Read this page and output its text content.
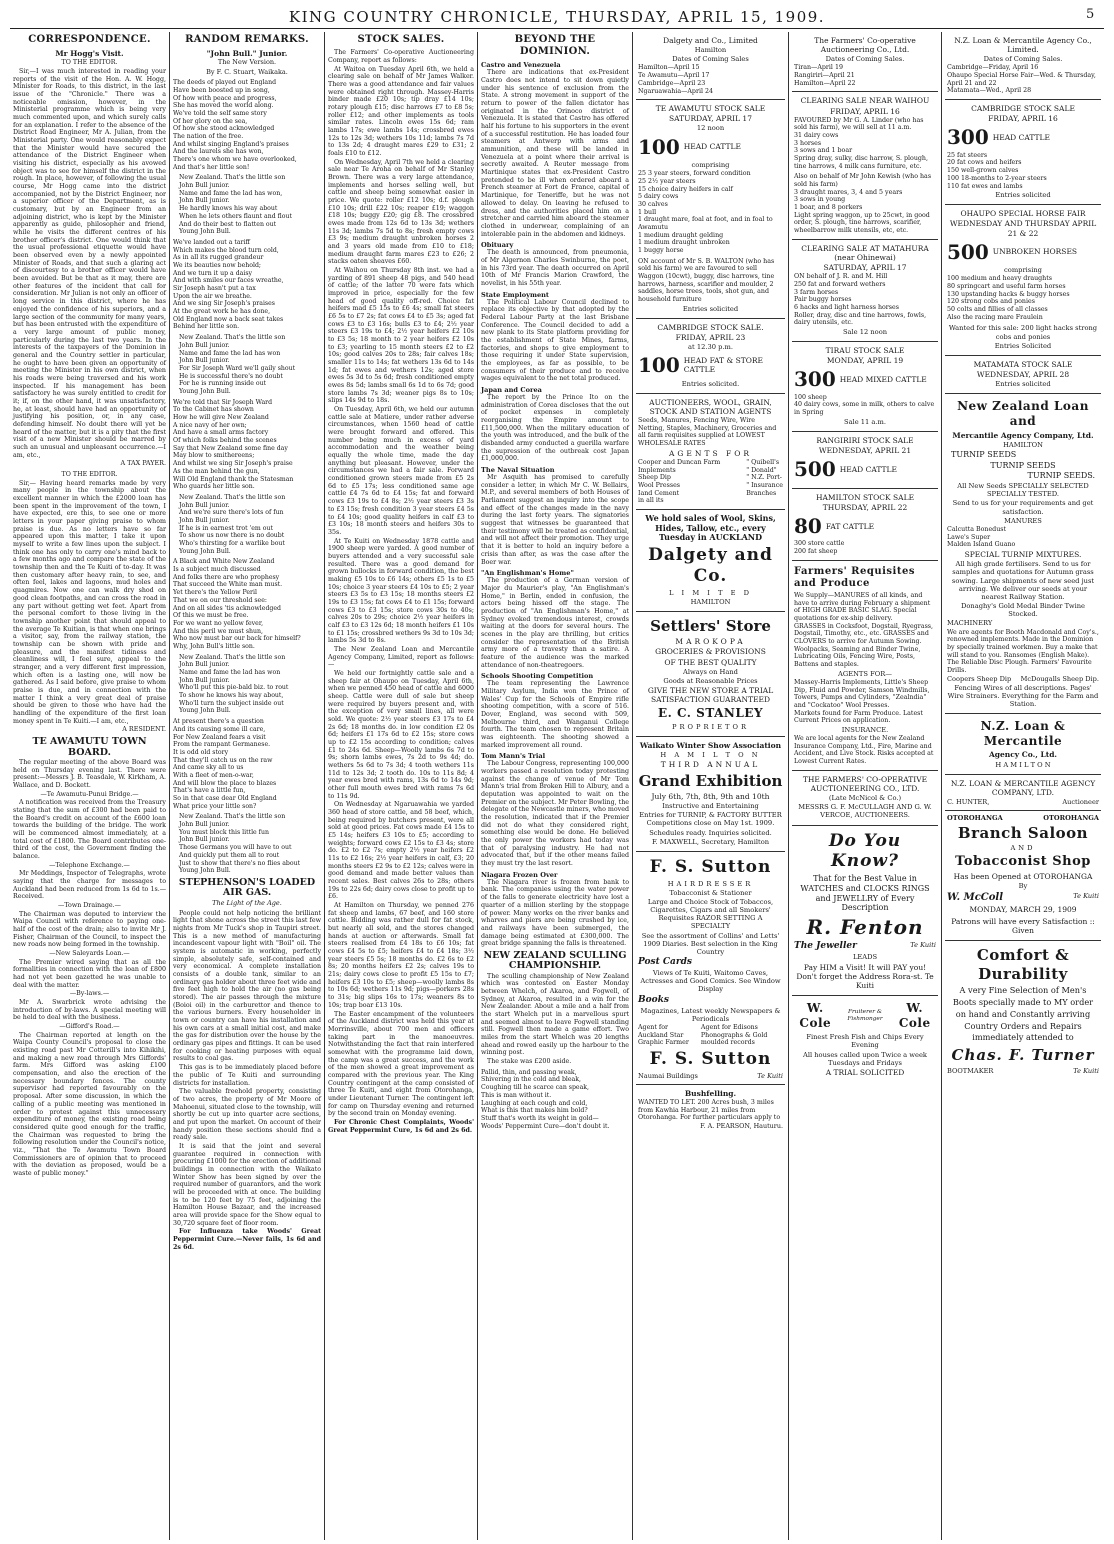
KING COUNTRY CHRONICLE, THURSDAY, APRIL 15, 1909.	5
CORRESPONDENCE.
Mr Hogg's Visit.
TO THE EDITOR.
Sir,—I was much interested in reading your reports of the visit of the Hon. A. W. Hogg, Minister for Roads, to this district, in the last issue of the "Chronicle." There was a noticeable omission, however, in the Ministerial programme which is being very much commented upon, and which surely calls for an explanation. I refer to the absence of the District Road Engineer, Mr A. Julian, from the Ministerial party. One would reasonably expect that the Minister would have secured the attendance of the District Engineer when visiting his district, especially as his avowed object was to see for himself the district in the rough. In place, however, of following the usual course, Mr Hogg came into the district accompanied, not by the District Engineer, nor a superior officer of the Department, as is customary, but by an Engineer from an adjoining district, who is kept by the Minister apparently as guide, philosopher and friend, while he visits the different centres of his brother officer's district. One would think that the usual professional etiquette would have been observed even by a newly appointed Minister of Roads, and that such a glaring act of discourtesy to a brother officer would have been avoided. But be that as it may, there are other features of the incident that call for consideration. Mr Julian is not only an officer of long service in this district, where he has enjoyed the confidence of his superiors, and a large section of the community for many years, but has been entrusted with the expenditure of a very large amount of public money, particularly during the last two years. In the interests of the taxpayers of the Dominion in general and the Country settler in particular, he ought to have been given an opportunity of meeting the Minister in his own district, when his roads were being traversed and his work inspected. If his management has been satisfactory he was surely entitled to credit for it; if, on the other hand, it was unsatisfactory, he, at least, should have had an opportunity of justifying his position, or, in any case, defending himself. No doubt there will yet be heard of the matter, but it is a pity that the first visit of a new Minister should be marred by such an unusual and unpleasant occurrence.—I am, etc.,
A TAX PAYER.
TO THE EDITOR.
Sir,— Having heard remarks made by very many people in the township about the excellent manner in which the £2000 loan has been spent in the improvement of the town, I have expected, ere this, to see one or more letters in your paper giving praise to whom praise is due. As no letters have so far appeared upon this matter, I take it upon myself to write a few lines upon the subject. I think one has only to carry one's mind back to a few months ago and compare the state of the township then and the Te Kuiti of to-day. It was then customary after heavy rain, to see, and often feel, lakes and lagoons, mud holes and quagmires. Now one can walk dry shod on good clean footpaths, and can cross the road in any part without getting wet feet. Apart from the personal comfort to those living in the township another point that should appeal to the average Te Kuitian, is that when one brings a visitor, say, from the railway station, the township can be shown with pride and pleasure, and the manifest tidiness and cleanliness will, I feel sure, appeal to the stranger, and a very different first impression, which often is a lasting one, will now be gathered. As I said before, give praise to whom praise is due, and in connection with the matter I think a very great deal of praise should be given to those who have had the handling of the expenditure of the first loan money spent in Te Kuiti.—I am, etc.,
A RESIDENT.
TE AWAMUTU TOWN BOARD.
The regular meeting of the above Board was held on Thursday evening last. There were present:—Messrs J. B. Teasdale, W. Kirkham, A. Wallace, and D. Bockett.
—Te Awamutu-Punui Bridge.—
A notification was received from the Treasury stating that the sum of £300 had been paid to the Board's credit on account of the £600 loan towards the building of the bridge. The work will be commenced almost immediately, at a total cost of £1800. The Board contributes one-third of the cost, the Government finding the balance.
—Telephone Exchange.—
Mr Meddings, Inspector of Telegraphs, wrote saying that the charge for messages to Auckland had been reduced from 1s 6d to 1s.—Received.
—Town Drainage.—
The Chairman was deputed to interview the Waipa Council with reference to paying one-half of the cost of the drain; also to invite Mr J. Fisher, Chairman of the Council, to inspect the new roads now being formed in the township.
—New Saleyards Loan.—
The Premier wired saying that as all the formalities in connection with the loan of £800 had not yet been gazetted he was unable to deal with the matter.
—By-laws.—
Mr A. Swarbrick wrote advising the introduction of by-laws. A special meeting will be held to deal with the business.
—Gifford's Road.—
The Chairman reported at length on the Waipa County Council's proposal to close the existing road past Mr Cotterill's into Kihikihi, and making a new road through Mrs Giffords' farm. Mrs Gifford was asking £100 compensation, and also the erection of the necessary boundary fences. The county supervisor had reported favourably on the proposal. After some discussion, in which the calling of a public meeting was mentioned in order to protest against this unnecessary expenditure of money, the existing road being considered quite good enough for the traffic, the Chairman was requested to bring the following resolution under the Council's notice, viz., "That the Te Awamutu Town Board Commissioners are of opinion that to proceed with the deviation as proposed, would be a waste of public money."
RANDOM REMARKS.
"John Bull." Junior.
The New Version.
By F. C. Stuart, Waikaka.
The deeds of played out England
Have been boosted up in song,
Of how with peace and progress,
She has moved the world along.
We've told the self same story
Of her glory on the sea,
Of how she stood acknowledged
The nation of the free.
And whilst singing England's praises
And the laurels she has won,
There's one whom we have overlooked,
And that's her little son!
New Zealand. That's the little son
John Bull junior.
Name and fame the lad has won,
John Bull junior.
He hardly knows his way about
When he lets others flaunt and flout
And do their best to flatten out
Young John Bull.
We've landed out a tariff
Which makes the blood turn cold,
As in all its rugged grandeur
We its beauties now behold;
And we turn it up a daisy
And with smiles our faces wreathe,
Sir Joseph hasn't put a tax
Upon the air we breathe.
And we sing Sir Joseph's praises
At the great work he has done,
Old England now a back seat takes
Behind her little son.
New Zealand. That's the little son
John Bull junior.
Name and fame the lad has won
John Bull junior.
For Sir Joseph Ward we'll gaily shout
He is successful there's no doubt
For he is running inside out
Young John Bull.
We're told that Sir Joseph Ward
To the Cabinet has shown
How he will give New Zealand
A nice navy of her own;
And have a small arms factory
Of which folks behind the scenes
Say that New Zealand some fine day
May blow to smithereens;
And whilst we sing Sir Joseph's praise
As the man behind the gun,
Will Old England thank the Statesman
Who guards her little son.
New Zealand. That's the little son
John Bull junior.
And we're sure there's lots of fun
John Bull junior.
If he is in earnest trot 'em out
To show us now there is no doubt
Who's thirsting for a warlike bout
Young John Bull.
A Black and White New Zealand
Is a subject much discussed
And folks there are who prophesy
That succeed the White man must.
Yet there's the Yellow Peril
That we on our threshold see:
And on all sides 'tis acknowledged
Of this we must be free.
For we want no yellow fever,
And this peril we must shun,
Who now must bar our back for himself?
Why, John Bull's little son.
New Zealand. That's the little son
John Bull junior.
Name and fame the lad has won
John Bull junior.
Who'll put this pie-bald biz. to rout
To show he knows his way about,
Who'll turn the subject inside out
Young John Bull.
At present there's a question
And its causing some ill care,
For New Zealand fears a visit
From the rampant Germanese.
It is odd old story
That they'll catch us on the raw
And came sky all to us
With a fleet of men-o-war,
And will blow the place to blazes
That's have a little fun,
So in that case dear Old England
What price your little son?
New Zealand. That's the little son
John Bull junior.
You must block this little fun
John Bull junior.
Those Germans you will have to out
And quickly put them all to rout
Just to show that there's no flies about
Young John Bull.
STEPHENSON'S LOADED AIR GAS.
The Light of the Age.
People could not help noticing the brilliant light that shone across the street this last few nights from Mr Tuck's shop in Taupiri street. This is a new method of manufacturing incandescent vapour light with "Boil" oil. The system is automatic in working, perfectly simple, absolutely safe, self-contained and very economical. A complete installation consists of a double tank, similar to an ordinary gas holder about three feet wide and five feet high to hold the air (no gas being stored). The air passes through the mixture (Boioi oil) in the carburettor and thence to the various burners. Every householder in town or country can have his installation and his own cars at a small initial cost, and make the gas for distribution over the house by the ordinary gas pipes and fittings. It can be used for cooking or heating purposes with equal results to coal gas.
This gas is to be immediately placed before the public of Te Kuiti and surrounding districts for installation.
The valuable freehold property, consisting of two acres, the property of Mr Moore of Mahoenui, situated close to the township, will shortly be cut up into quarter acre sections, and put upon the market. On account of their handy position these sections should find a ready sale.
It is said that the joint and several guarantee required in connection with procuring £1000 for the erection of additional buildings in connection with the Waikato Winter Show has been signed by over the required number of guarantors, and the work will be proceeded with at once. The building is to be 120 feet by 75 feet, adjoining the Hamilton House Bazaar, and the increased area will provide space for the Show equal to 30,720 square feet of floor room.
For Influenza take Woods' Great Peppermint Cure.—Never fails, 1s 6d and 2s 6d.
STOCK SALES.
The Farmers' Co-operative Auctioneering Company, report as follows:
At Waitoa on Tuesday April 6th, we held a clearing sale on behalf of Mr James Walker. There was a good attendance and fair values were obtained right through. Massey-Harris binder made £20 10s; tip dray £14 10s; rotary plough £15; disc harrows £7 to £8 5s; roller £12; and other implements as tools similar rates. Lincoln ewes 15s 6d; ram lambs 17s; ewe lambs 14s; crossbred ewes 12s to 12s 3d; wethers 10s 11d; lambs 7s 7d to 13s 2d; 4 draught mares £29 to £31; 2 foals £10 to £12.
On Wednesday, April 7th we held a clearing sale near Te Aroha on behalf of Mr Stanley Brown. There was a very large attendance, implements and horses selling well, but cattle and sheep being somewhat easier in price. We quote: roller £12 10s; d.f. plough £10 10s; drill £22 10s; reaper £19; waggon £18 10s; buggy £20; gig £8. The crossbred ewes made from 12s 6d to 13s 3d; wethers 11s 3d; lambs 7s 5d to 8s; fresh empty cows £3 9s; medium draught unbroken horses 2 and 3 years old made from £10 to £18; medium draught farm mares £23 to £26; 2 stacks oaten sheaves £60.
At Waihou on Thursday 8th inst. we had a yarding of 891 sheep 48 pigs, and 540 head of cattle; of the latter 70 were fats which improved in price, especially for the few head of good quality off-red. Choice fat heifers mad £5 15s to £6 4s; small fat steers £6 5s to £7 2s; fat cows £4 to £5 3s; aged fat cows £3 to £3 16s; bulls £3 to £4; 2½ year steers £3 19s to £4; 2½ year heifers £2 10s to £3 5s; 18 month to 2 year heifers £2 10s to £3; yearling to 15 month steers £2 to £2 10s; good calves 20s to 28s; fair calves 18s; smaller 11s to 14s; fat wethers 13s 6d to 14s 1d; fat ewes and wethers 12s; aged store ewes 5s 3d to 5s 6d; fresh conditioned empty ewes 8s 5d; lambs small 6s 1d to 6s 7d; good store lambs 7s 3d; weaner pigs 8s to 10s; slips 14s 9d to 18s.
On Tuesday, April 6th, we held our autumn cattle sale at Matiere, under rather adverse circumstances, when 1560 head of cattle were brought forward and offered. This number being much in excess of yard accommodation and the weather being equally the whole time, made the day anything but pleasant. However, under the circumstances we had a fair sale. Forward conditioned grown steers made from £5 2s 6d to £5 17s; less conditioned same age cattle £4 7s 6d to £4 15s; fat and forward cows £3 19s to £4 8s; 2½ year steers £3 3s to £3 15s; fresh condition 3 year steers £4 5s to £4 10s; good quality heifers in calf £3 to £3 10s; 18 month steers and heifers 30s to 35s.
At Te Kuiti on Wednesday 1878 cattle and 1900 sheep were yarded. A good number of buyers attended and a very successful sale resulted. There was a good demand for grown bullocks in forward condition, the best making £5 10s to £6 14s; others £5 1s to £5 10s; choice 3 year steers £4 10s to £5; 2 year steers £3 5s to £3 15s; 18 months steers £2 19s to £3 15s; fat cows £4 to £1 15s; forward cows £3 to £3 15s; store cows 30s to 40s; calves 20s to 29s; choice 2½ year heifers in calf £3 to £3 12s 6d; 18 month heifers £1 10s to £1 15s; crossbred wethers 9s 3d to 10s 3d; lambs 5s 3d to 8s.
The New Zealand Loan and Mercantile Agency Company, Limited, report as follows:—
We held our fortnightly cattle sale and a sheep fair at Ohaupo on Tuesday, April 6th, when we penned 450 head of cattle and 6000 sheep. Cattle were dull of sale but sheep were required by buyers present and, with the exception of very small lines, all were sold. We quote: 2½ year steers £3 17s to £4 2s 6d; 18 months do. in low condition £2 0s 6d; heifers £1 17s 6d to £2 15s; store cows up to £2 15s according to condition; calves £1 to 24s 6d. Sheep—Woolly lambs 6s 7d to 9s; shorn lambs ewes, 7s 2d to 9s 4d; do. wethers 5s 6d to 7s 3d; 4 tooth wethers 11s 11d to 12s 3d; 2 tooth do. 10s to 11s 8d; 4 year ewes bred with rams, 13s 6d to 14s 9d; other full mouth ewes bred with rams 7s 6d to 11s 9d.
On Wednesday at Ngaruawahia we yarded 360 head of store cattle, and 58 beef, which, being required by butchers present, were all sold at good prices. Fat cows made £4 15s to £5 14s; heifers £3 10s to £5; according to weights; forward cows £2 15s to £3 4s; store do. £2 to £2 7s; empty 2½ year heifers £2 11s to £2 16s; 2½ year heifers in calf, £3; 20 months steers £2 9s to £2 12s; calves were in good demand and made better values than recent sales. Best calves 26s to 28s; others 19s to 22s 6d; dairy cows close to profit up to £6.
At Hamilton on Thursday, we penned 276 fat sheep and lambs, 67 beef, and 160 store cattle. Bidding was rather dull for fat stock, but nearly all sold, and the stores changed hands at auction or afterwards. Small fat steers realised from £4 18s to £6 10s; fat cows £4 5s to £5; heifers £4 to £4 18s; 3½ year steers £5 5s; 18 months do. £2 6s to £2 8s; 20 months heifers £2 2s; calves 19s to 21s; dairy cows close to profit £5 15s to £7; heifers £3 10s to £5; sheep—woolly lambs 8s to 10s 6d; wethers 11s 9d; pigs—porkers 28s to 31s; big slips 16s to 17s; weaners 8s to 10s; trap boar £13 10s.
The Easter encampment of the volunteers of the Auckland district was held this year at Morrinsville, about 700 men and officers taking part in the manoeuvres. Notwithstanding the fact that rain interfered somewhat with the programme laid down, the camp was a great success, and the work of the men showed a great improvement as compared with the previous year. The King Country contingent at the camp consisted of three Te Kuiti, and eight from Otorohanga, under Lieutenant Turner. The contingent left for camp on Thursday evening and returned by the second train on Monday evening.
For Chronic Chest Complaints, Woods' Great Peppermint Cure, 1s 6d and 2s 6d.
BEYOND THE DOMINION.
Castro and Venezuela
There are indications that ex-President Castro does not intend to sit down quietly under his sentence of exclusion from the State. A strong movement in support of the return to power of the fallen dictator has originated in the Orinoco district of Venezuela. It is stated that Castro has offered half his fortune to his supporters in the event of a successful restitution. He has loaded four steamers at Antwerp with arms and ammunition, and these will be landed in Venezuela at a point where their arrival is secretly awaited. A Reuter message from Martinique states that ex-President Castro pretended to be ill when ordered aboard a French steamer at Fort de France, capital of Martinique, for Teneriffe, but he was not allowed to delay. On leaving he refused to dress, and the authorities placed him on a stretcher and carried him aboard the steamer clothed in underwear, complaining of an intolerable pain in the abdomen and kidneys.
Obituary
The death is announced, from pneumonia, of Mr Algernon Charles Swinburne, the poet, in his 73rd year. The death occurred on April 10th of Mr Francis Marion Crawford, the novelist, in his 55th year.
State Employment
The Political Labour Council declined to replace its objective by that adopted by the Federal Labour Party at the last Brisbane Conference. The Council decided to add a new plank to its State platform providing for the establishment of State Mines, farms, factories, and shops to give employment to those requiring it under State supervision, the employees, as far as possible, to be consumers of their produce and to receive wages equivalent to the net total produced.
Japan and Corea
The report by the Prince Ito on the administration of Corea discloses that the out of pocket expenses in completely reorganising the Empire amount to £11,500,000. When the military education of the youth was introduced, and the bulk of the disbanded army conducted a guerilla warfare the supression of the outbreak cost Japan £1,000,000.
The Naval Situation
Mr Asquith has promised to carefully consider a letter, in which Mr C. W. Bellairs, M.P., and several members of both Houses of Parliament suggest an inquiry into the scope and effect of the changes made in the navy during the last forty years. The signatories suggest that witnesses be guaranteed that their testimony will be treated as confidential, and will not affect their promotion. They urge that it is better to hold an inquiry before a crisis than after, as was the case after the Boer war.
"An Englishman's Home"
The production of a German version of Major du Maurier's play, "An Englishman's Home," in Berlin, ended in confusion, the actors being hissed off the stage. The production of "An Englishman's Home," at Sydney evoked tremendous interest, crowds waiting at the doors for several hours. The scenes in the play are thrilling, but critics consider the representation of the British army more of a travesty than a satire. A feature of the audience was the marked attendance of non-theatregoers.
Schools Shooting Competition
The team representing the Lawrence Military Asylum, India won the Prince of Wales' Cup for the Schools of Empire rifle shooting competition, with a score of 516. Dover, England, was second with 509, Melbourne third, and Wanganui College fourth. The team chosen to represent Britain was eighteenth. The shooting showed a marked improvement all round.
Tom Mann's Trial
The Labour Congress, representing 100,000 workers passed a resolution today protesting against the change of venue of Mr Tom Mann's trial from Broken Hill to Albury, and a deputation was appointed to wait on the Premier on the subject. Mr Peter Bowling, the delegate of the Newcastle miners, who moved the resolution, indicated that if the Premier did not do what they considered right, something else would be done. He believed the only power the workers had today was that of paralysing industry. He had not advocated that, but if the other means failed they must try the last resort.
Niagara Frozen Over
The Niagara river is frozen from bank to bank. The companies using the water power of the falls to generate electricity have lost a quarter of a million sterling by the stoppage of power. Many works on the river banks and wharves and piers are being crushed by ice, and railways have been submerged, the damage being estimated at £300,000. The great bridge spanning the falls is threatened.
NEW ZEALAND SCULLING CHAMPIONSHIP.
The sculling championship of New Zealand which was contested on Easter Monday between Whelch, of Akaroa, and Fogwell, of Sydney, at Akaroa, resulted in a win for the New Zealander. About a mile and a half from the start Whelch put in a marvellous spurt and seemed almost to leave Fogwell standing still. Fogwell then made a game effort. Two miles from the start Whelch was 20 lengths ahead and rowed easily up the harbour to the winning post.
The stake was £200 aside.
Pallid, thin, and passing weak,
Shivering in the cold and bleak,
Coughing till he scarce can speak,
This is man without it.
Laughing at each cough and cold,
What is this that makes him bold?
Stuff that's worth its weight in gold—
Woods' Peppermint Cure—don't doubt it.
Dalgety and Co., Limited
Hamilton
Dates of Coming Sales
Hamilton—April 15
Te Awamutu—April 17
Cambridge—April 23
Ngaruawahia—April 24
TE AWAMUTU STOCK SALE
SATURDAY, APRIL 17
12 noon
100 HEAD CATTLE
comprising
25 3 year steers, forward condition
25 2½ year steers
15 choice dairy heifers in calf
5 dairy cows
30 calves
1 bull
1 draught mare, foal at foot, and in foal to Awamutu
1 medium draught gelding
1 medium draught unbroken
1 buggy horse
ON account of Mr S. B. WALTON (who has sold his farm) we are favoured to sell
Waggon (10cwt), buggy, disc harrows, tine harrows, harness, scarifier and moulder, 2 saddles, horse trees, tools, shot gun, and household furniture
Entries solicited
CAMBRIDGE STOCK SALE.
FRIDAY, APRIL 23
at 12.30 p.m.
100 HEAD FAT & STORE CATTLE
Entries solicited.
AUCTIONEERS, WOOL, GRAIN, STOCK AND STATION AGENTS
Seeds, Manures, Fencing Wire, Wire Netting, Staples, Machinery, Groceries and all farm requisites supplied at LOWEST WHOLESALE RATES
AGENTS FOR
Cooper and Duncan Farm
Implements
Sheep Dip
Wool Presses
Iand Cement
in all its
" Quibell's
" Donald"
" N.Z. Port-
" Insurance
Branches
We hold sales of Wool, Skins, Hides, Tallow, etc., every Tuesday in AUCKLAND
Dalgety and Co.
L I M I T E D
HAMILTON
Settlers' Store
MAROKOPA
GROCERIES & PROVISIONS
OF THE BEST QUALITY
Always on Hand
Goods at Reasonable Prices
GIVE THE NEW STORE A TRIAL SATISFACTION GUARANTEED
E. C. STANLEY
PROPRIETOR
Waikato Winter Show Association
H A M I L T O N
THIRD ANNUAL
Grand Exhibition
July 6th, 7th, 8th, 9th and 10th
Instructive and Entertaining
Entries for TURNIP, & FACTORY BUTTER Competitions close on May 1st. 1909.
Schedules ready. Inquiries solicited.
F. MAXWELL, Secretary, Hamilton
F. S. Sutton
HAIRDRESSER
Tobacconist & Stationer
Large and Choice Stock of Tobaccos, Cigarettes, Cigars and all Smokers' Requisites RAZOR SETTING A SPECIALTY
See the assortment of Collins' and Letts' 1909 Diaries. Best selection in the King Country
Post Cards
Views of Te Kuiti, Waitomo Caves, Actresses and Good Comics. See Window Display
Books
Magazines, Latest weekly Newspapers & Periodicals
Agent for Auckland Star Graphic Farmer
Agent for Edisons Phonographs & Gold moulded records
F. S. Sutton
Naumai Buildings	Te Kuiti
Bushfelling.
WANTED TO LET. 200 Acres bush, 3 miles from Kawhia Harbour, 21 miles from Otorohanga. For further particulars apply to
F. A. PEARSON, Hauturu.
The Farmers' Co-operative Auctioneering Co., Ltd.
Dates of Coming Sales.
Tiran—April 19
Rangiriri—April 21
Hamilton—April 22
CLEARING SALE NEAR WAIHOU
FRIDAY, APRIL 16
FAVOURED by Mr G. A. Linder (who has sold his farm), we will sell at 11 a.m.
31 dairy cows
3 horses
3 sows and 1 boar
Spring dray, sulky, disc harrow, S. plough, tine harrows, 4 milk cans furniture, etc.
Also on behalf of Mr John Kewish (who has sold his farm)
3 draught mares, 3, 4 and 5 years
3 sows in young
1 boar, and 8 porkers
Light spring waggon, up to 25cwt, in good order, S. plough, tine harrows, scarifier, wheelbarrow milk utensils, etc, etc.
CLEARING SALE AT MATAHURA (near Ohinewai)
SATURDAY, APRIL 17
ON behalf of J. R. and M. Hill
250 fat and forward wethers
3 farm horses
Pair buggy horses
6 hacks and light harness horses
Roller, dray, disc and tine harrows, fowls, dairy utensils, etc.
Sale 12 noon
TIRAU STOCK SALE
MONDAY, APRIL 19
300 HEAD MIXED CATTLE
100 sheep
40 dairy cows, some in milk, others to calve in Spring
Sale 11 a.m.
RANGIRIRI STOCK SALE
WEDNESDAY, APRIL 21
500 HEAD CATTLE
HAMILTON STOCK SALE
THURSDAY, APRIL 22
80 FAT CATTLE
300 store cattle
200 fat sheep
Farmers' Requisites and Produce
We Supply—MANURES of all kinds, and have to arrive during February a shipment of HIGH GRADE BASIC SLAG. Special quotations for ex-ship delivery.
GRASSES in Cocksfoot, Dogstail, Ryegrass, Dogstail, Timothy, etc., etc. GRASSES and CLOVERS to arrive for Autumn Sowing.
Woolpacks, Seaming and Binder Twine, Lubricating Oils, Fencing Wire, Posts, Battens and staples.
AGENTS FOR—
Massey-Harris Implements, Little's Sheep Dip, Fluid and Powder, Samson Windmills, Towers, Pumps and Cylinders, "Zealndia" and "Cockatoo" Wool Presses.
Markets found for Farm Produce. Latest Current Prices on application.
INSURANCE.
We are local agents for the New Zealand Insurance Company, Ltd., Fire, Marine and Accident, and Live Stock. Risks accepted at Lowest Current Rates.
THE FARMERS' CO-OPERATIVE AUCTIONEERING CO., LTD.
(Late McNicol & Co.)
MESSRS G. F. McCULLAGH AND G. W. VERCOE, AUCTIONEERS.
Do You Know?
That for the Best Value in WATCHES and CLOCKS RINGS and JEWELLRY of Every Description
R. Fenton
The Jeweller	Te Kuiti
LEADS
Pay HIM a Visit! It will PAY you! Don't forget the Address Rora-st. Te Kuiti
W. Cole
Fruiterer & Fishmonger
W. Cole
Finest Fresh Fish and Chips Every Evening
All houses called upon Twice a week Tuesdays and Fridays
A TRIAL SOLICITED
N.Z. Loan & Mercantile Agency Co., Limited.
Dates of Coming Sales.
Cambridge—Friday, April 16
Ohaupo Special Horse Fair—Wed. & Thursday, April 21 and 22
Matamata—Wed., April 28
CAMBRIDGE STOCK SALE
FRIDAY, APRIL 16
300 HEAD CATTLE
25 fat steers
20 fat cows and heifers
150 well-grown calves
100 18-months to 2-year steers
110 fat ewes and lambs
Entries solicited
OHAUPO SPECIAL HORSE FAIR
WEDNESDAY AND THURSDAY APRIL 21 & 22
500 UNBROKEN HORSES
comprising
100 medium and heavy draughts
80 springcart and useful farm horses
130 upstanding hacks & buggy horses
120 strong cobs and ponies
50 colts and fillies of all classes
Also the racing mare Fraulein
Wanted for this sale: 200 light hacks strong cobs and ponies
Entries Solicited
MATAMATA STOCK SALE
WEDNESDAY, APRIL 28
Entries solicited
New Zealand Loan and
Mercantile Agency Company, Ltd.
HAMILTON
TURNIP SEEDS
TURNIP SEEDS
TURNIP SEEDS.
All New Seeds SPECIALLY SELECTED SPECIALLY TESTED.
Send to us for your requirements and get satisfaction.
MANURES
Calcutta Bonedust
Lawe's Super
Malden Island Guano
SPECIAL TURNIP MIXTURES.
All high grade fertilisers. Send to us for samples and quotations for Autumn grass sowing. Large shipments of new seed just arriving. We deliver our seeds at your nearest Railway Station.
Donaghy's Gold Medal Binder Twine Stocked.
MACHINERY
We are agents for Booth Macdonald and Coy's., renowned implements. Made in the Dominion by specially trained workmen. Buy a make that will stand to you. Ransomes (English Make). The Reliable Disc Plough. Farmers' Favourite Drills.
Coopers Sheep Dip McDougalls Sheep Dip.
Fencing Wires of all descriptions. Pages' Wire Strainers. Everything for the Farm and Station.
N.Z. Loan & Mercantile
Agency Co., Ltd.
H A M I L T O N
N.Z. LOAN & MERCANTILE AGENCY COMPANY, LTD.
C. HUNTER,	Auctioneer
OTOROHANGA	OTOROHANGA
Branch Saloon
AND
Tobacconist Shop
Has been Opened at OTOROHANGA
By
W. McColl	Te Kuiti
MONDAY, MARCH 29, 1909
Patrons will have every Satisfaction :: Given
Comfort & Durability
A very Fine Selection of Men's Boots specially made to MY order on hand and Constantly arriving Country Orders and Repairs immediately attended to
Chas. F. Turner
BOOTMAKER	Te Kuiti
